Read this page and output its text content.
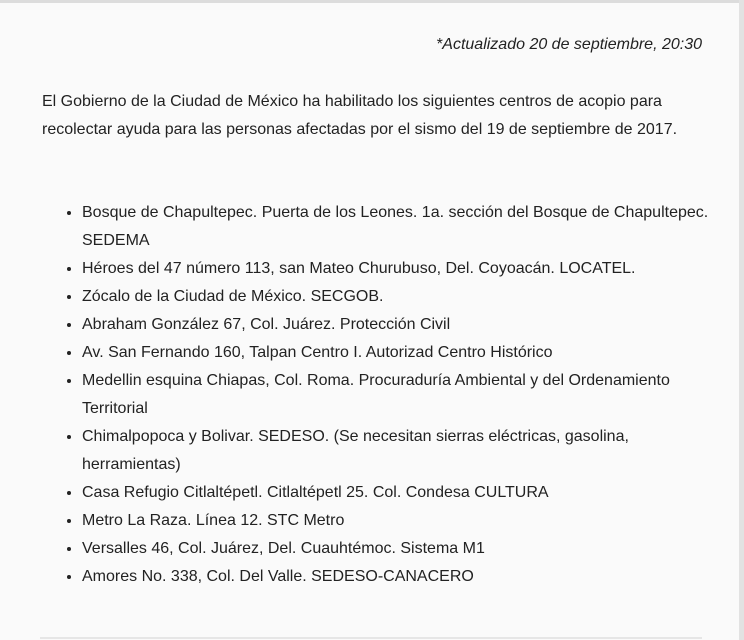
*Actualizado 20 de septiembre, 20:30

El Gobierno de la Ciudad de México ha habilitado los siguientes centros de acopio para recolectar ayuda para las personas afectadas por el sismo del 19 de septiembre de 2017.

• Bosque de Chapultepec. Puerta de los Leones. 1a. sección del Bosque de Chapultepec. SEDEMA
• Héroes del 47 número 113, san Mateo Churubuso, Del. Coyoacán. LOCATEL.
• Zócalo de la Ciudad de México. SECGOB.
• Abraham González 67, Col. Juárez. Protección Civil
• Av. San Fernando 160, Talpan Centro I. Autorizad Centro Histórico
• Medellin esquina Chiapas, Col. Roma. Procuraduría Ambiental y del Ordenamiento Territorial
• Chimalpopoca y Bolivar. SEDESO. (Se necesitan sierras eléctricas, gasolina, herramientas)
• Casa Refugio Citlaltépetl. Citlaltépetl 25. Col. Condesa CULTURA
• Metro La Raza. Línea 12. STC Metro
• Versalles 46, Col. Juárez, Del. Cuauhtémoc. Sistema M1
• Amores No. 338, Col. Del Valle. SEDESO-CANACERO
